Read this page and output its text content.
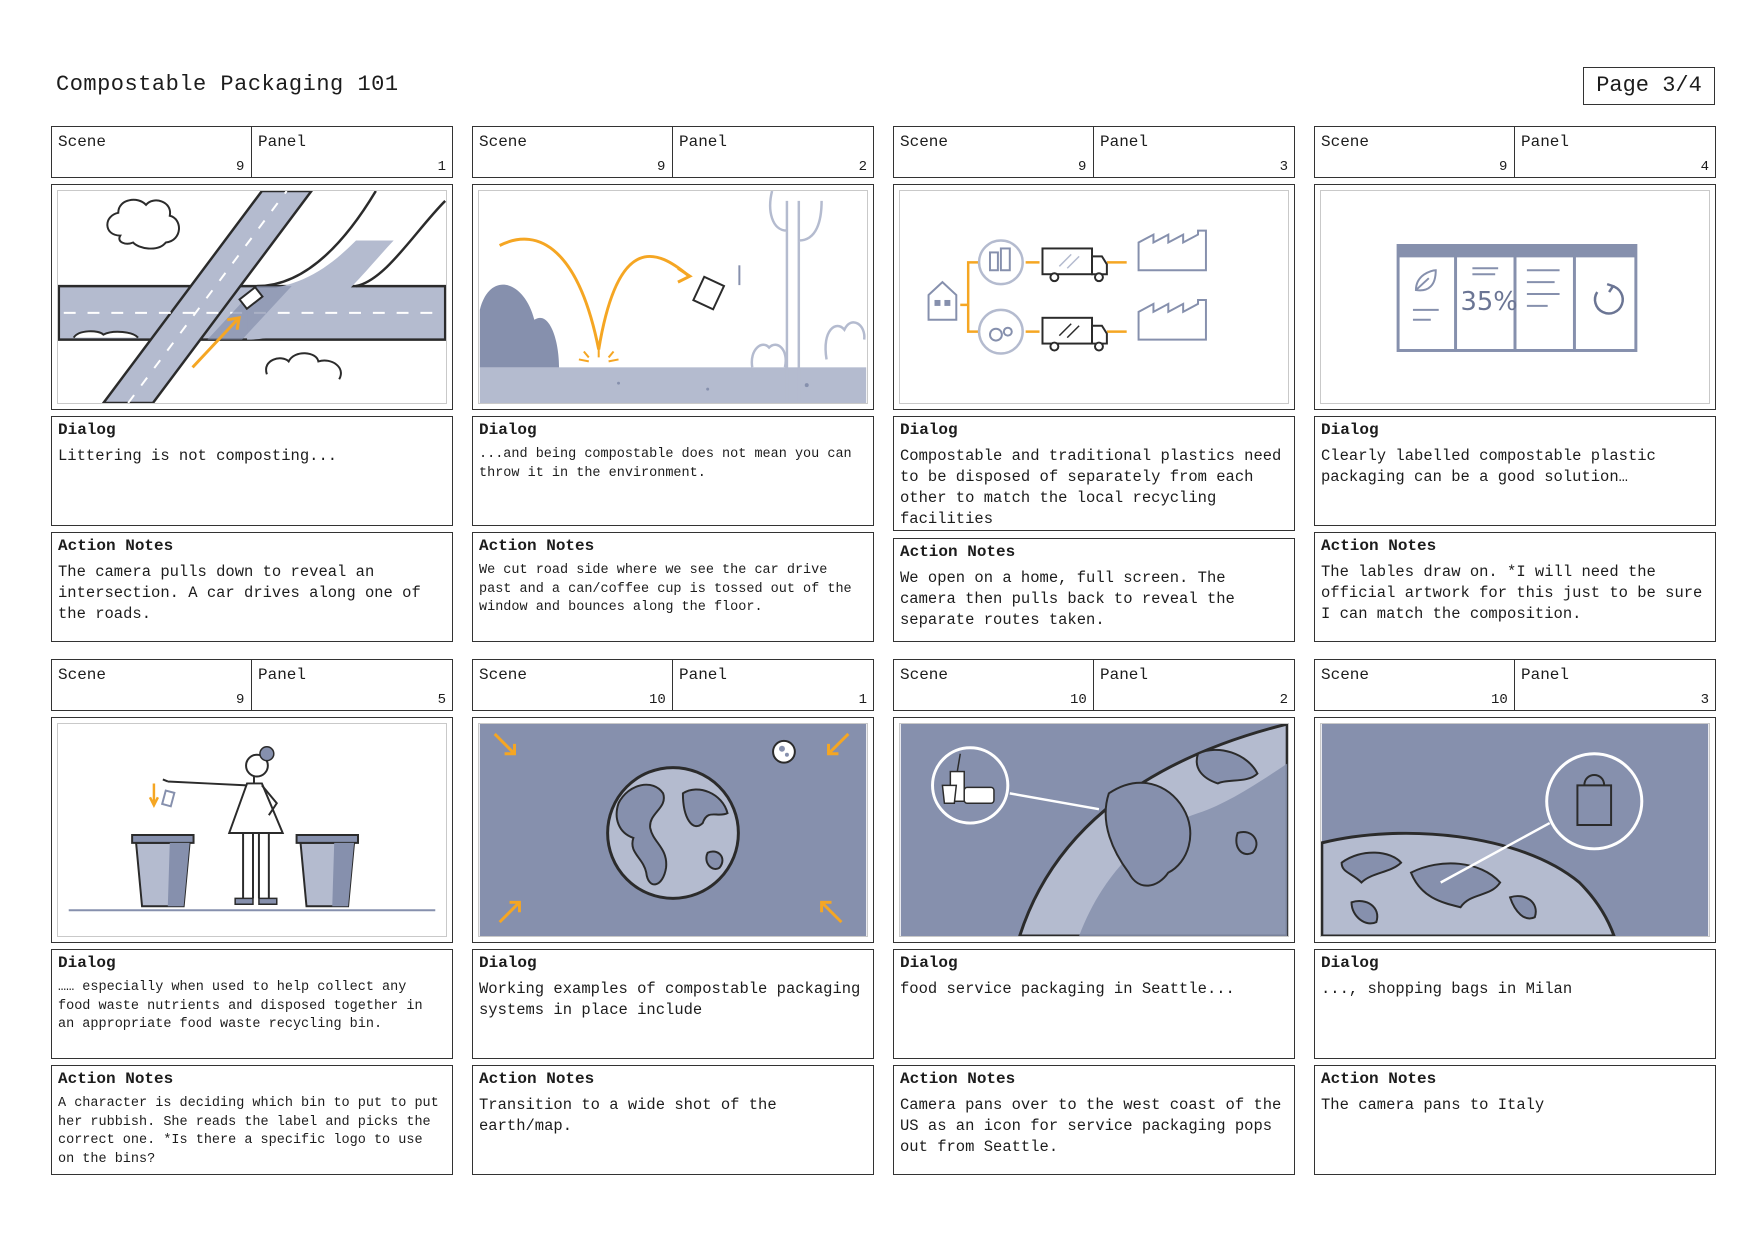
Compostable Packaging 101	Page 3/4
Scene
9
Panel
1
Dialog
Littering is not composting...
Action Notes
The camera pulls down to reveal an intersection. A car drives along one of the roads.
Scene
9
Panel
2
Dialog
...and being compostable does not mean you can throw it in the environment.
Action Notes
We cut road side where we see the car drive past and a can/coffee cup is tossed out of the window and bounces along the floor.
Scene
9
Panel
3
Dialog
Compostable and traditional plastics need to be disposed of separately from each other to match the local recycling facilities
Action Notes
We open on a home, full screen. The camera then pulls back to reveal the separate routes taken.
Scene
9
Panel
4
35%
Dialog
Clearly labelled compostable plastic packaging can be a good solution…
Action Notes
The lables draw on. *I will need the official artwork for this just to be sure I can match the composition.
Scene
9
Panel
5
Dialog
…… especially when used to help collect any food waste nutrients and disposed together in an appropriate food waste recycling bin.
Action Notes
A character is deciding which bin to put to put her rubbish. She reads the label and picks the correct one. *Is there a specific logo to use on the bins?
Scene
10
Panel
1
Dialog
Working examples of compostable packaging systems in place include
Action Notes
Transition to a wide shot of the earth/map.
Scene
10
Panel
2
Dialog
food service packaging in Seattle...
Action Notes
Camera pans over to the west coast of the US as an icon for service packaging pops out from Seattle.
Scene
10
Panel
3
Dialog
..., shopping bags in Milan
Action Notes
The camera pans to Italy
